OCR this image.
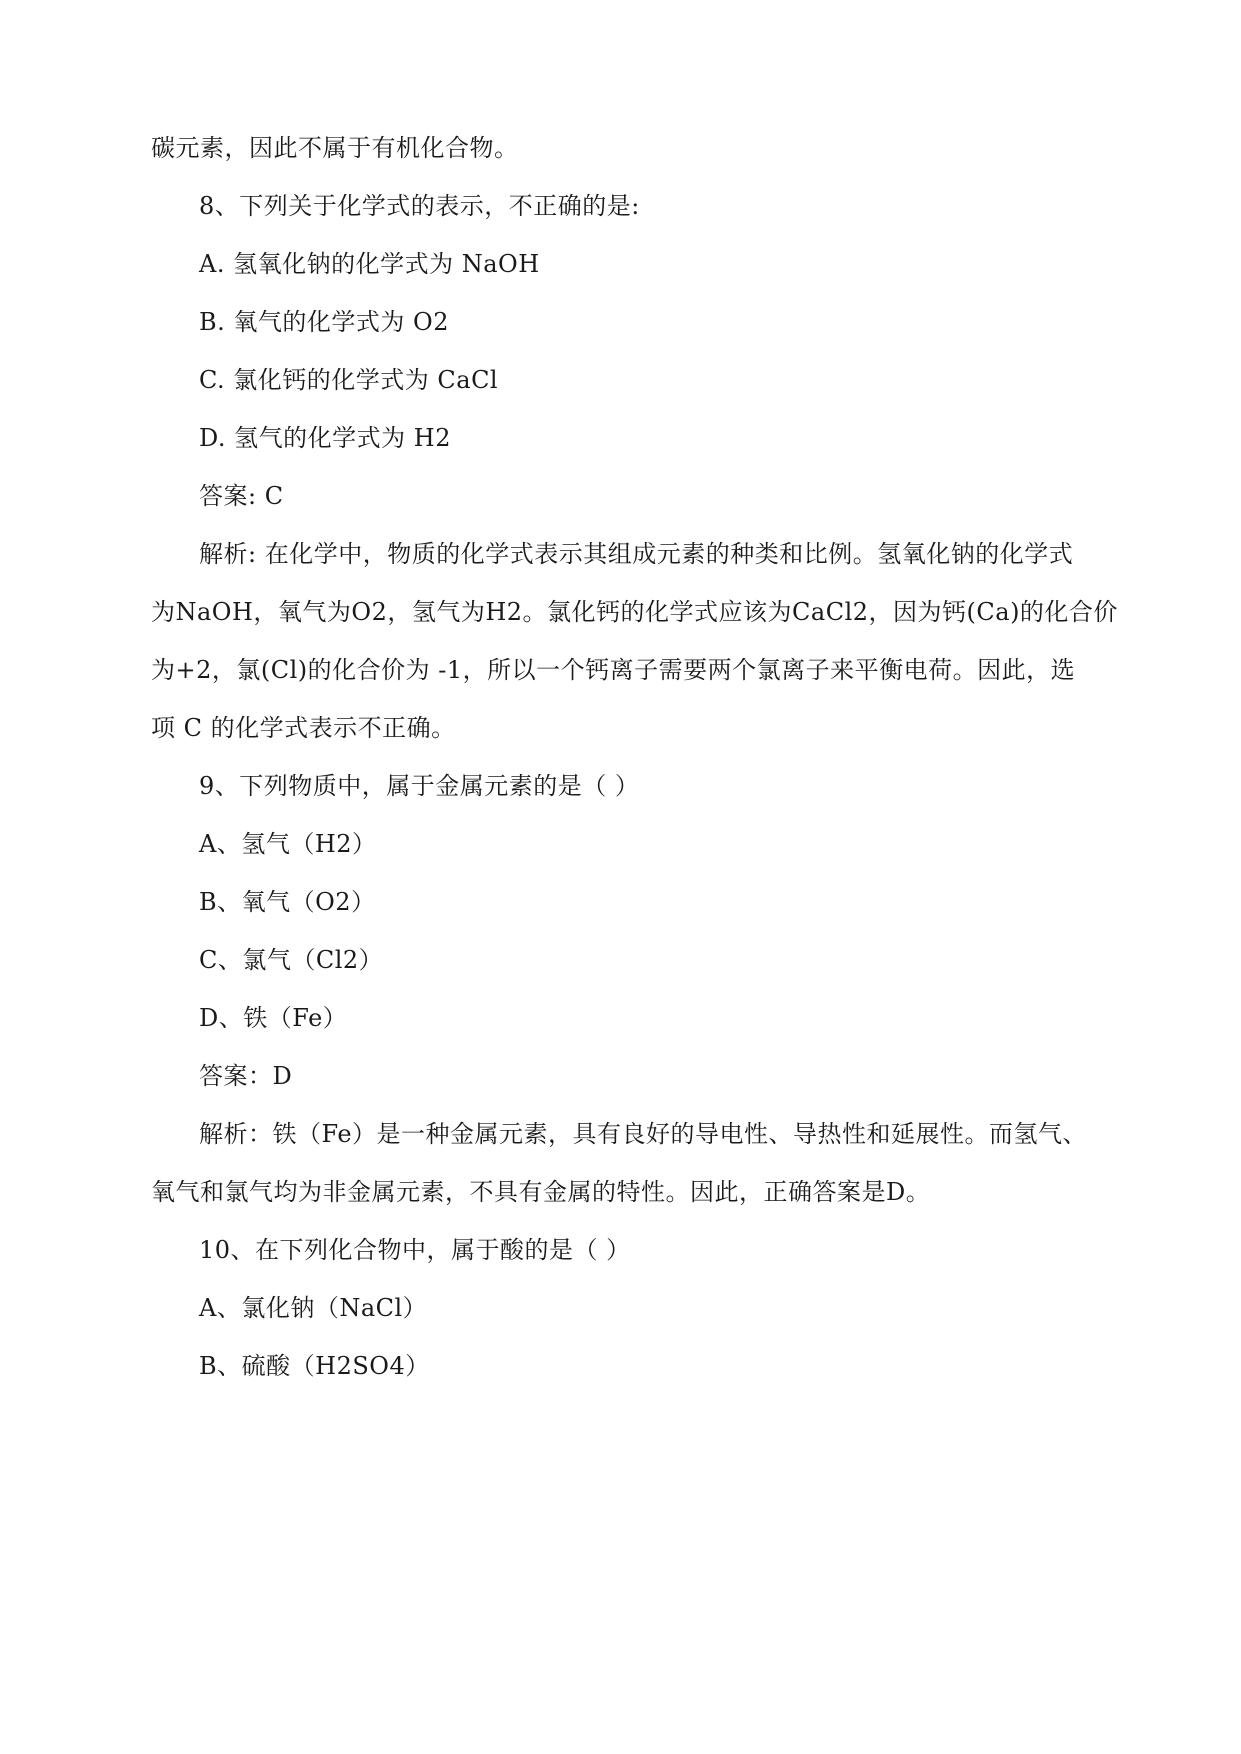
碳元素，因此不属于有机化合物。
8、下列关于化学式的表示，不正确的是:
A. 氢氧化钠的化学式为 NaOH
B. 氧气的化学式为 O2
C. 氯化钙的化学式为 CaCl
D. 氢气的化学式为 H2
答案: C
解析: 在化学中，物质的化学式表示其组成元素的种类和比例。氢氧化钠的化学式
为NaOH，氧气为O2，氢气为H2。氯化钙的化学式应该为CaCl2，因为钙(Ca)的化合价
为+2，氯(Cl)的化合价为 -1，所以一个钙离子需要两个氯离子来平衡电荷。因此，选
项 C 的化学式表示不正确。
9、下列物质中，属于金属元素的是（ ）
A、氢气（H2）
B、氧气（O2）
C、氯气（Cl2）
D、铁（Fe）
答案：D
解析：铁（Fe）是一种金属元素，具有良好的导电性、导热性和延展性。而氢气、
氧气和氯气均为非金属元素，不具有金属的特性。因此，正确答案是D。
10、在下列化合物中，属于酸的是（ ）
A、氯化钠（NaCl）
B、硫酸（H2SO4）
